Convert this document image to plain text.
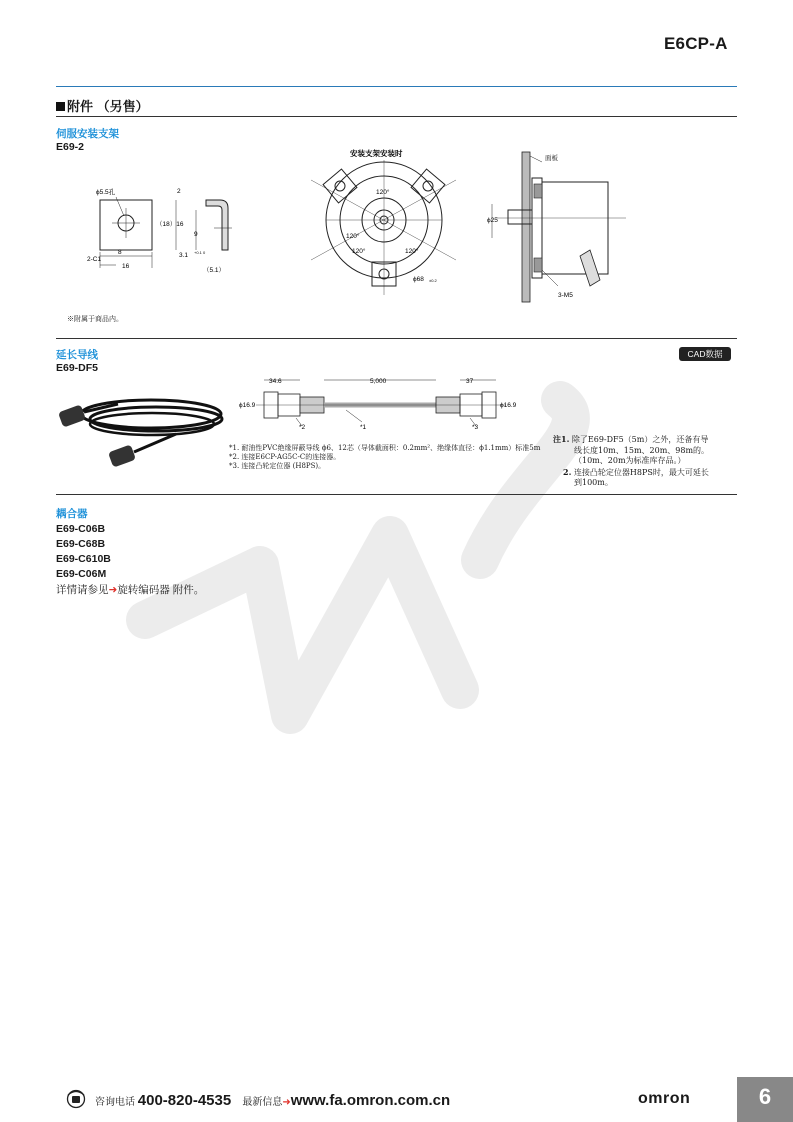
E6CP-A
附件 （另售）
伺服安装支架
E69-2
ϕ5.5孔
2-C1
8
16
2
（18）16
9
3.1 +0.1 0
（5.1）
安装支架安装时
120°
120°
120°	120°
ϕ68 ±0.2
面板
ϕ25
3-M5
※附属于商品内。
延长导线
E69-DF5
CAD数据
34.6	5,000	37
ϕ16.9	ϕ16.9
*2	*1	*3
*1. 耐油性PVC绝缘屏蔽导线 ϕ6、12芯（导体截面积：0.2mm²、绝缘体直径：ϕ1.1mm）标准5m
*2. 连接E6CP-AG5C-C的连接器。
*3. 连接凸轮定位器 (H8PS)。
注1. 除了E69-DF5（5m）之外，还备有导
线长度10m、15m、20m、98m的。
（10m、20m为标准库存品。）
2. 连接凸轮定位器H8PS时，最大可延长
到100m。
耦合器
E69-C06B
E69-C68B
E69-C610B
E69-C06M
详情请参见➜旋转编码器 附件。
咨询电话 400-820-4535 最新信息➜www.fa.omron.com.cn	omron	6
